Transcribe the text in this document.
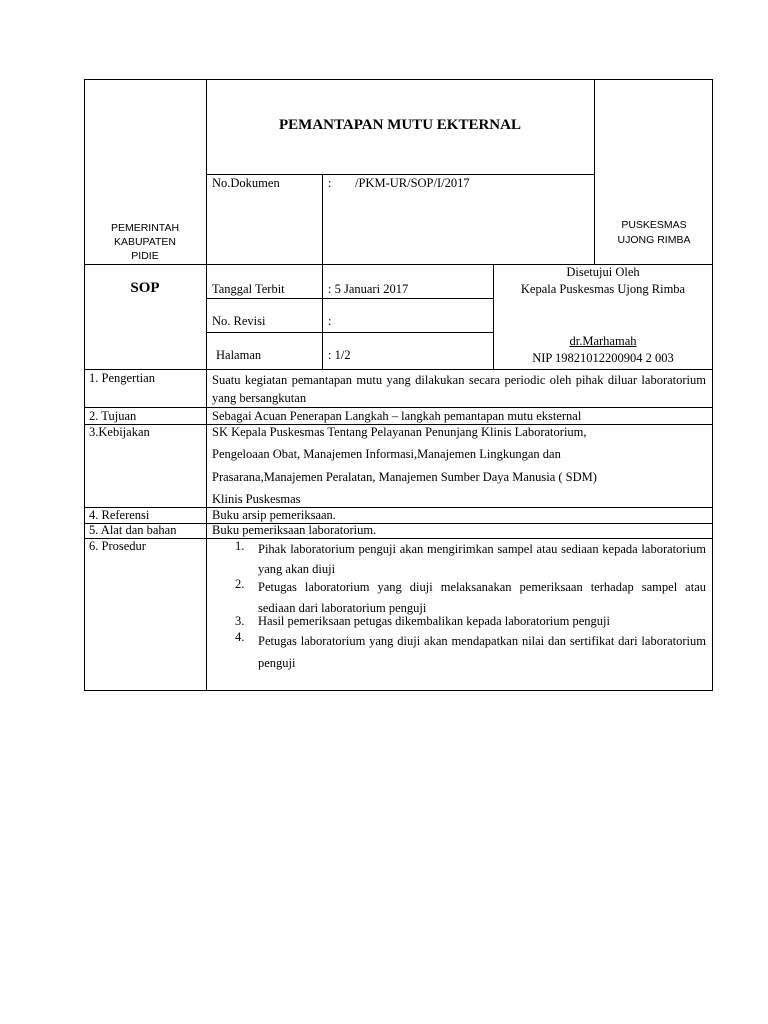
PEMANTAPAN MUTU EKTERNAL
PEMERINTAH
KABUPATEN
PIDIE
PUSKESMAS
UJONG RIMBA
SOP
No.Dokumen	: /PKM-UR/SOP/I/2017
Tanggal Terbit	: 5 Januari 2017
No. Revisi	:
Halaman	: 1/2
Disetujui Oleh
Kepala Puskesmas Ujong Rimba
dr.Marhamah
NIP 19821012200904 2 003
1. Pengertian	Suatu kegiatan pemantapan mutu yang dilakukan secara periodic oleh pihak diluar laboratorium yang bersangkutan
2. Tujuan	Sebagai Acuan Penerapan Langkah – langkah pemantapan mutu eksternal
3.Kebijakan	SK Kepala Puskesmas Tentang Pelayanan Penunjang Klinis Laboratorium,
Pengeloaan Obat, Manajemen Informasi,Manajemen Lingkungan dan
Prasarana,Manajemen Peralatan, Manajemen Sumber Daya Manusia ( SDM)
Klinis Puskesmas
4. Referensi	Buku arsip pemeriksaan.
5. Alat dan bahan	Buku pemeriksaan laboratorium.
6. Prosedur	1. Pihak laboratorium penguji akan mengirimkan sampel atau sediaan kepada laboratorium yang akan diuji
2. Petugas laboratorium yang diuji melaksanakan pemeriksaan terhadap sampel atau sediaan dari laboratorium penguji
3. Hasil pemeriksaan petugas dikembalikan kepada laboratorium penguji
4. Petugas laboratorium yang diuji akan mendapatkan nilai dan sertifikat dari laboratorium penguji
